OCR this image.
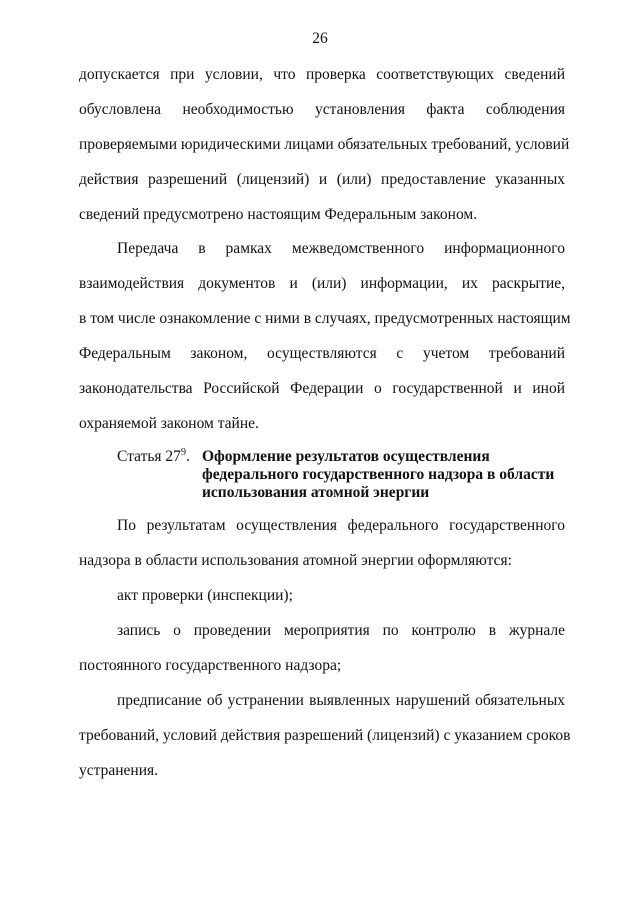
26
допускается при условии, что проверка соответствующих сведений
обусловлена необходимостью установления факта соблюдения
проверяемыми юридическими лицами обязательных требований, условий
действия разрешений (лицензий) и (или) предоставление указанных
сведений предусмотрено настоящим Федеральным законом.
Передача в рамках межведомственного информационного
взаимодействия документов и (или) информации, их раскрытие,
в том числе ознакомление с ними в случаях, предусмотренных настоящим
Федеральным законом, осуществляются с учетом требований
законодательства Российской Федерации о государственной и иной
охраняемой законом тайне.
Статья $27^9$. Оформление результатов осуществления
федерального государственного надзора в области
использования атомной энергии
По результатам осуществления федерального государственного
надзора в области использования атомной энергии оформляются:
акт проверки (инспекции);
запись о проведении мероприятия по контролю в журнале
постоянного государственного надзора;
предписание об устранении выявленных нарушений обязательных
требований, условий действия разрешений (лицензий) с указанием сроков
устранения.
